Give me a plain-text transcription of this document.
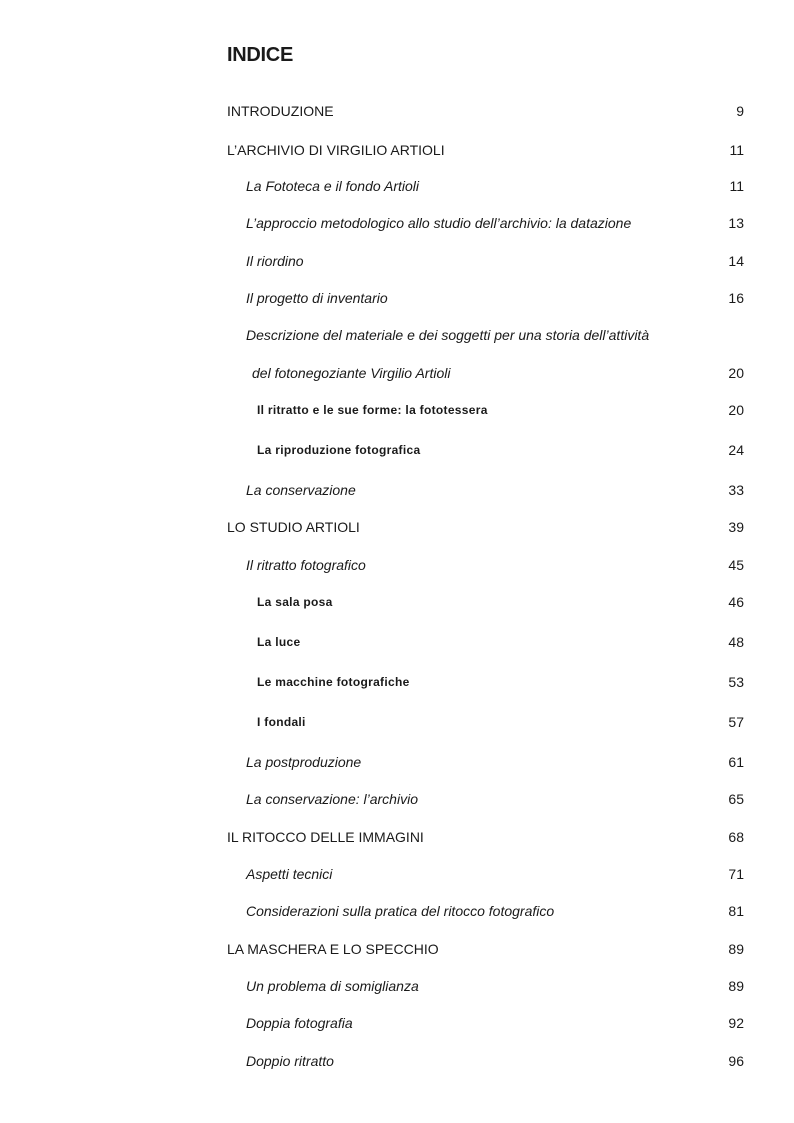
INDICE
INTRODUZIONE	9
L’ARCHIVIO DI VIRGILIO ARTIOLI	11
La Fototeca e il fondo Artioli	11
L’approccio metodologico allo studio dell’archivio: la datazione	13
Il riordino	14
Il progetto di inventario	16
Descrizione del materiale e dei soggetti per una storia dell’attività
del fotonegoziante Virgilio Artioli	20
Il ritratto e le sue forme: la fototessera	20
La riproduzione fotografica	24
La conservazione	33
LO STUDIO ARTIOLI	39
Il ritratto fotografico	45
La sala posa	46
La luce	48
Le macchine fotografiche	53
I fondali	57
La postproduzione	61
La conservazione: l’archivio	65
IL RITOCCO DELLE IMMAGINI	68
Aspetti tecnici	71
Considerazioni sulla pratica del ritocco fotografico	81
LA MASCHERA E LO SPECCHIO	89
Un problema di somiglianza	89
Doppia fotografia	92
Doppio ritratto	96
